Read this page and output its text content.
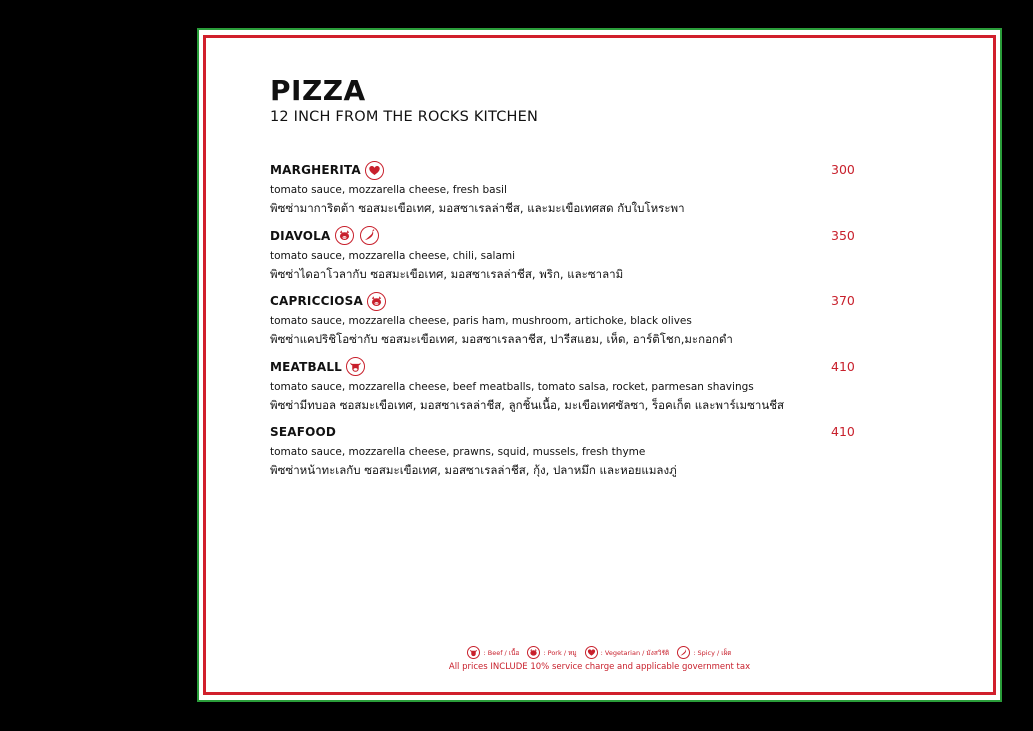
PIZZA
12 INCH FROM THE ROCKS KITCHEN
MARGHERITA	300
tomato sauce, mozzarella cheese, fresh basil
พิซซ่ามาการิตต้า ซอสมะเขือเทศ, มอสซาเรลล่าชีส, และมะเขือเทศสด กับใบโหระพา
DIAVOLA	350
tomato sauce, mozzarella cheese, chili, salami
พิซซ่าไดอาโวลากับ ซอสมะเขือเทศ, มอสซาเรลล่าชีส, พริก, และซาลามิ
CAPRICCIOSA	370
tomato sauce, mozzarella cheese, paris ham, mushroom, artichoke, black olives
พิซซ่าแคปริชิโอซ่ากับ ซอสมะเขือเทศ, มอสซาเรลลาชีส, ปารีสแฮม, เห็ด, อาร์ติโชก,มะกอกดำ
MEATBALL	410
tomato sauce, mozzarella cheese, beef meatballs, tomato salsa, rocket, parmesan shavings
พิซซ่ามีทบอล ซอสมะเขือเทศ, มอสซาเรลล่าชีส, ลูกชิ้นเนื้อ, มะเขือเทศซัลซา, ร็อคเก็ต และพาร์เมซานชีส
SEAFOOD	410
tomato sauce, mozzarella cheese, prawns, squid, mussels, fresh thyme
พิซซ่าหน้าทะเลกับ ซอสมะเขือเทศ, มอสซาเรลล่าชีส, กุ้ง, ปลาหมึก และหอยแมลงภู่
: Beef / เนื้อ	: Pork / หมู	: Vegetarian / มังสวิรัติ	: Spicy / เผ็ด
All prices INCLUDE 10% service charge and applicable government tax
